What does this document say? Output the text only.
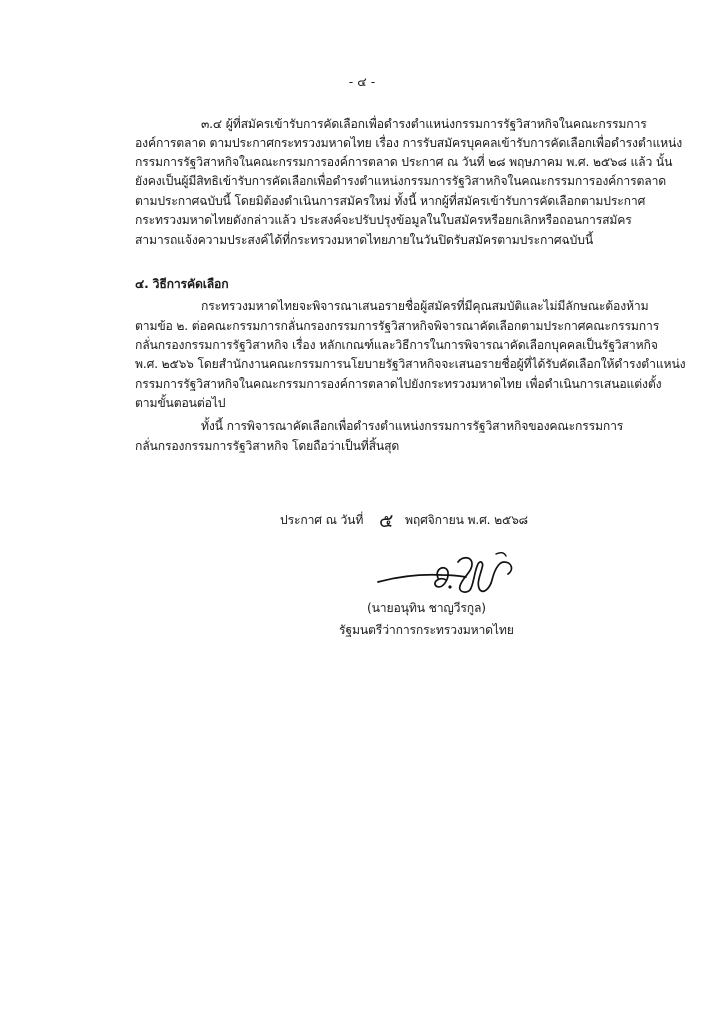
- ๔ -
๓.๔ ผู้ที่สมัครเข้ารับการคัดเลือกเพื่อดำรงตำแหน่งกรรมการรัฐวิสาหกิจในคณะกรรมการ
องค์การตลาด ตามประกาศกระทรวงมหาดไทย เรื่อง การรับสมัครบุคคลเข้ารับการคัดเลือกเพื่อดำรงตำแหน่ง
กรรมการรัฐวิสาหกิจในคณะกรรมการองค์การตลาด ประกาศ ณ วันที่ ๒๘ พฤษภาคม พ.ศ. ๒๕๖๘ แล้ว นั้น
ยังคงเป็นผู้มีสิทธิเข้ารับการคัดเลือกเพื่อดำรงตำแหน่งกรรมการรัฐวิสาหกิจในคณะกรรมการองค์การตลาด
ตามประกาศฉบับนี้ โดยมิต้องดำเนินการสมัครใหม่ ทั้งนี้ หากผู้ที่สมัครเข้ารับการคัดเลือกตามประกาศ
กระทรวงมหาดไทยดังกล่าวแล้ว ประสงค์จะปรับปรุงข้อมูลในใบสมัครหรือยกเลิกหรือถอนการสมัคร
สามารถแจ้งความประสงค์ได้ที่กระทรวงมหาดไทยภายในวันปิดรับสมัครตามประกาศฉบับนี้
๔. วิธีการคัดเลือก
กระทรวงมหาดไทยจะพิจารณาเสนอรายชื่อผู้สมัครที่มีคุณสมบัติและไม่มีลักษณะต้องห้าม
ตามข้อ ๒. ต่อคณะกรรมการกลั่นกรองกรรมการรัฐวิสาหกิจพิจารณาคัดเลือกตามประกาศคณะกรรมการ
กลั่นกรองกรรมการรัฐวิสาหกิจ เรื่อง หลักเกณฑ์และวิธีการในการพิจารณาคัดเลือกบุคคลเป็นรัฐวิสาหกิจ
พ.ศ. ๒๕๖๖ โดยสำนักงานคณะกรรมการนโยบายรัฐวิสาหกิจจะเสนอรายชื่อผู้ที่ได้รับคัดเลือกให้ดำรงตำแหน่ง
กรรมการรัฐวิสาหกิจในคณะกรรมการองค์การตลาดไปยังกระทรวงมหาดไทย เพื่อดำเนินการเสนอแต่งตั้ง
ตามขั้นตอนต่อไป
ทั้งนี้ การพิจารณาคัดเลือกเพื่อดำรงตำแหน่งกรรมการรัฐวิสาหกิจของคณะกรรมการ
กลั่นกรองกรรมการรัฐวิสาหกิจ โดยถือว่าเป็นที่สิ้นสุด
ประกาศ ณ วันที่ ๕ พฤศจิกายน พ.ศ. ๒๕๖๘
(นายอนุทิน ชาญวีรกูล)
รัฐมนตรีว่าการกระทรวงมหาดไทย
